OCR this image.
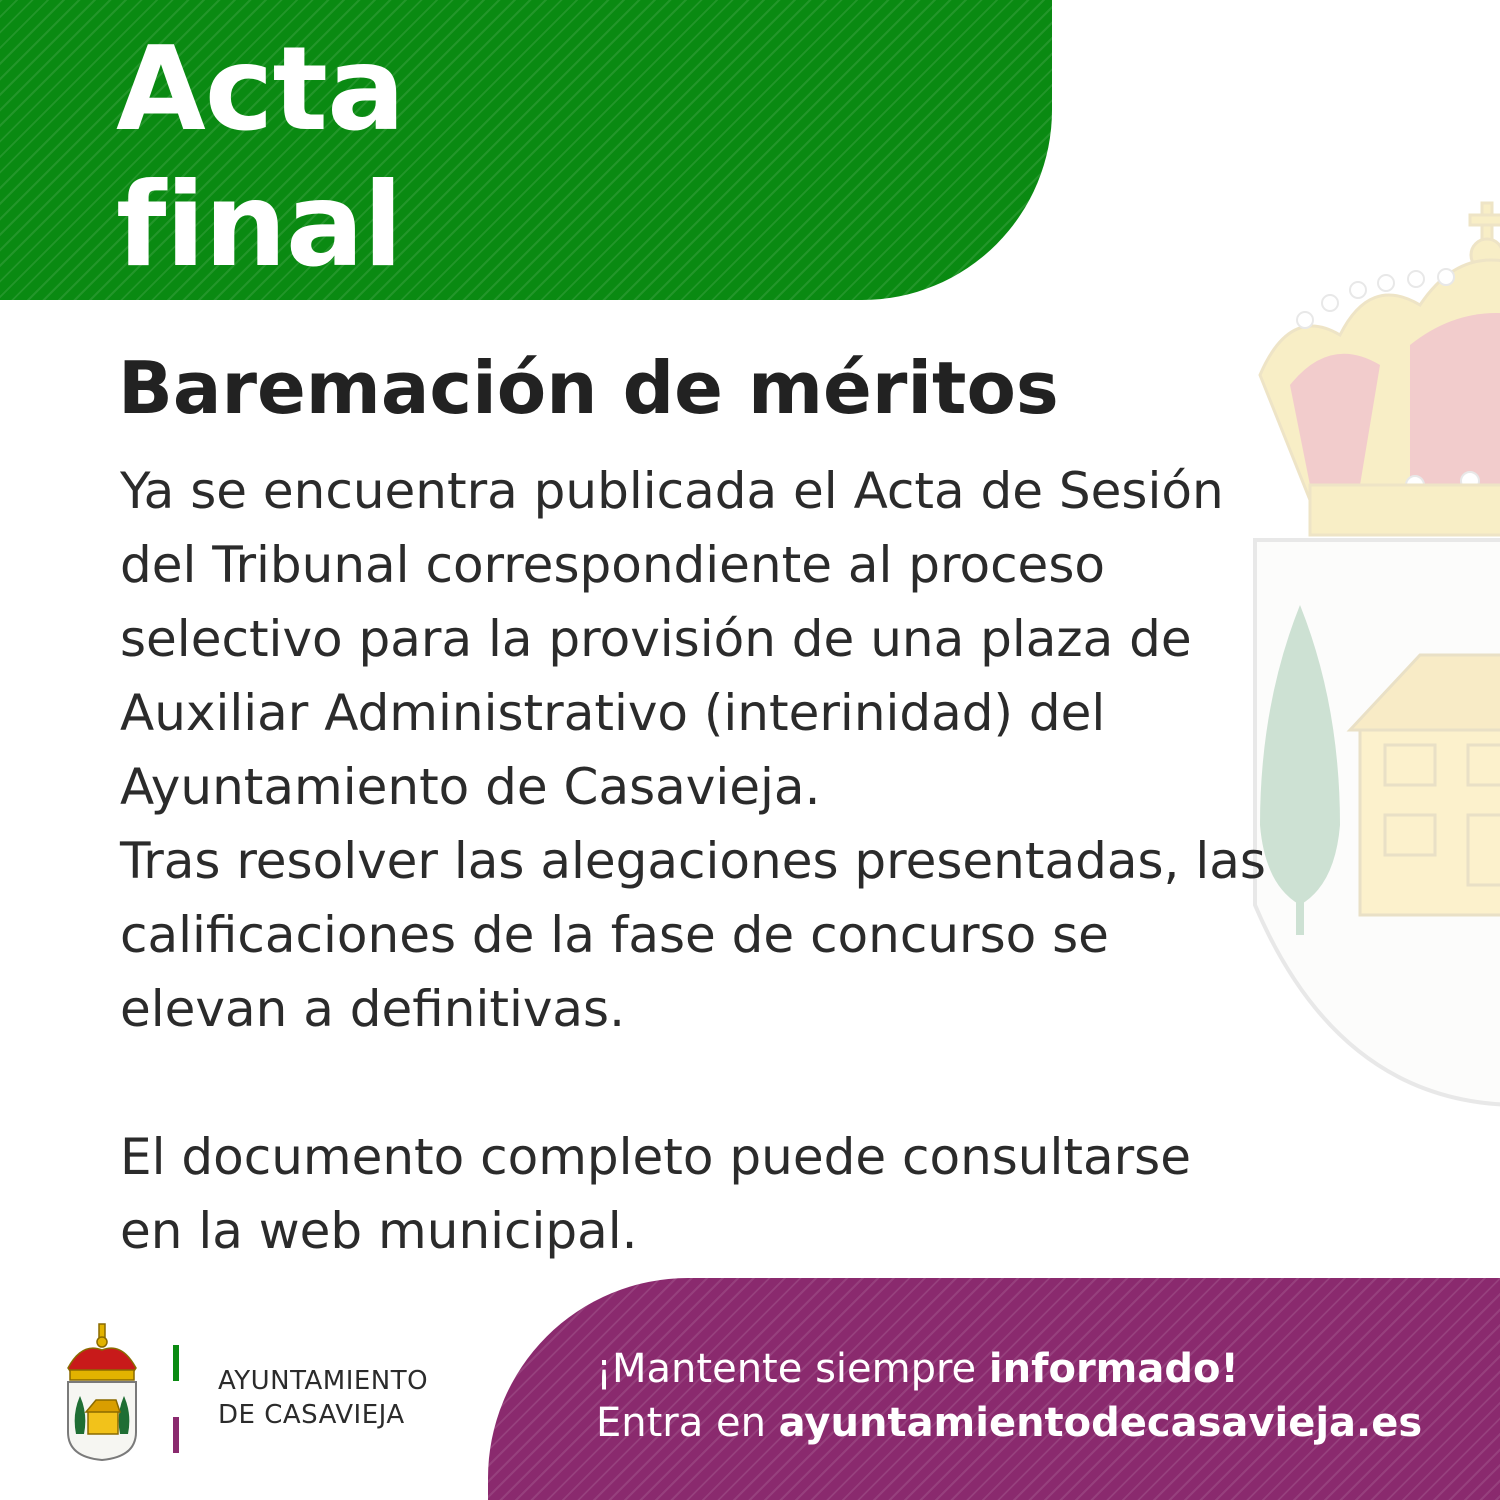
Acta
final
Baremación de méritos

Ya se encuentra publicada el Acta de Sesión

del Tribunal correspondiente al proceso

selectivo para la provisión de una plaza de

Auxiliar Administrativo (interinidad) del

Ayuntamiento de Casavieja.

Tras resolver las alegaciones presentadas, las

calificaciones de la fase de concurso se

elevan a definitivas.

El documento completo puede consultarse

en la web municipal.

AYUNTAMIENTO
DE CASAVIEJA
¡Mantente siempre informado!
Entra en ayuntamientodecasavieja.es
